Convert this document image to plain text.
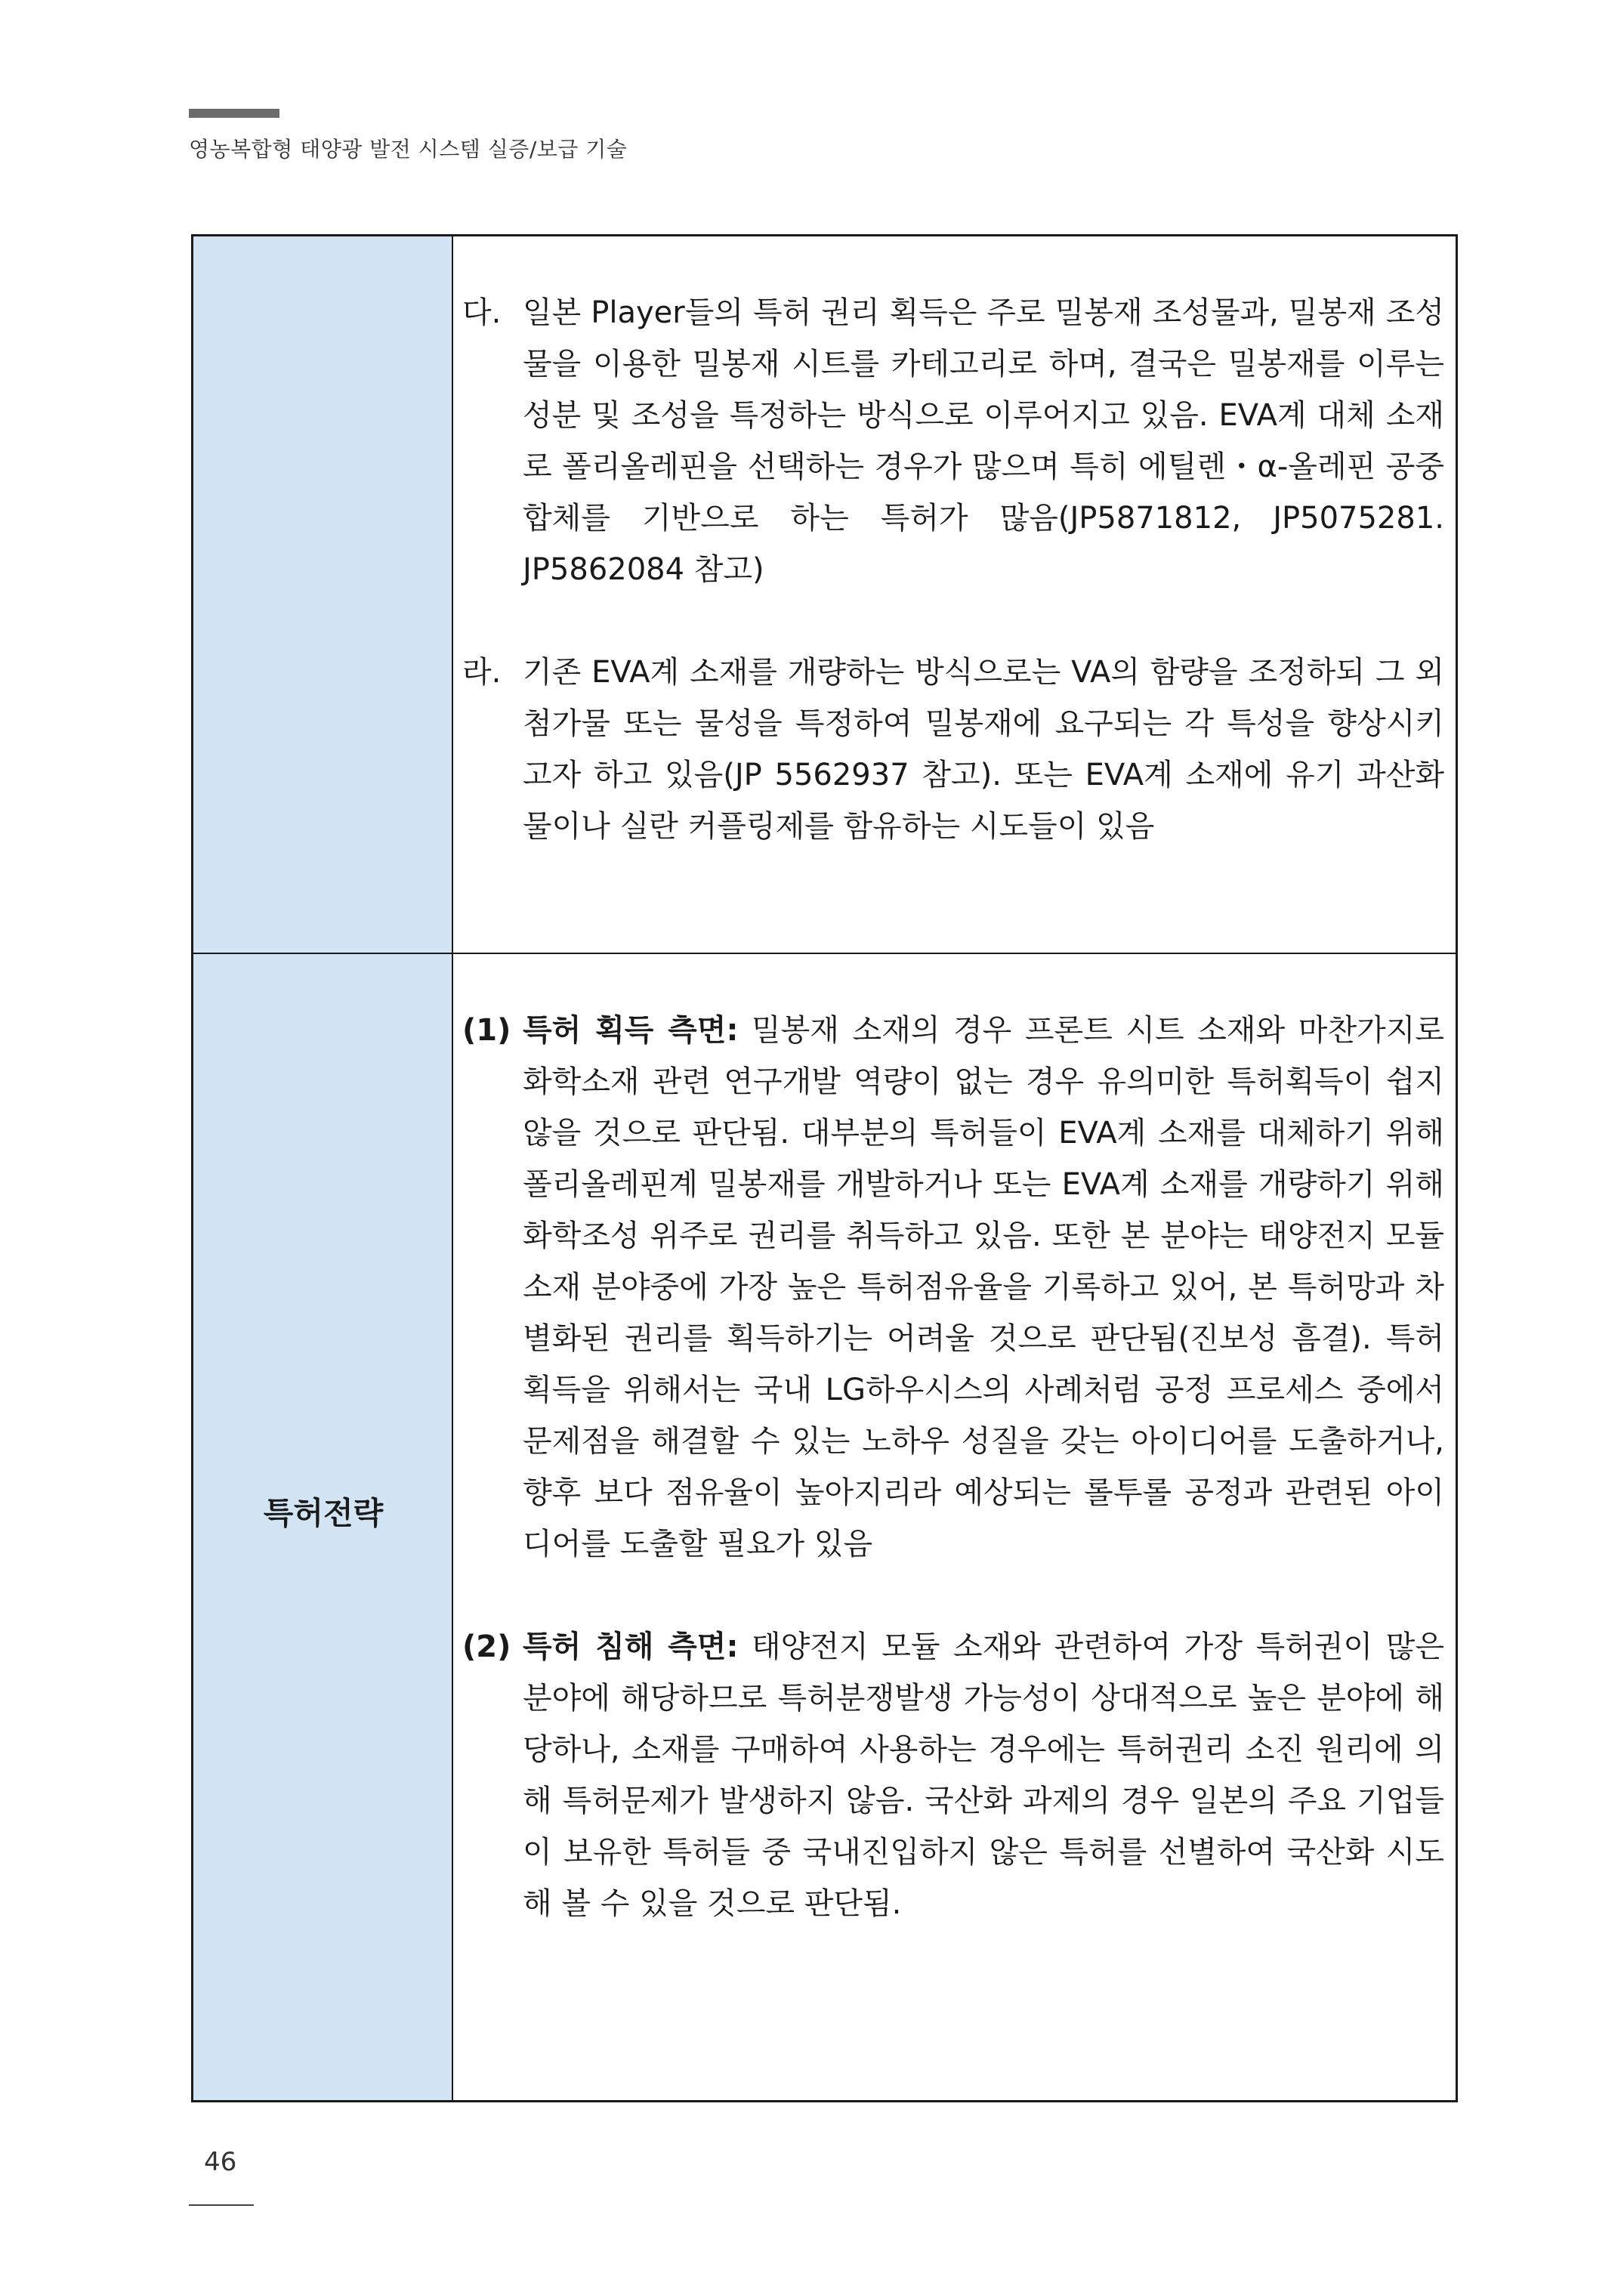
영농복합형 태양광 발전 시스템 실증/보급 기술
특허전략

다. 일본 Player들의 특허 권리 획득은 주로 밀봉재 조성물과, 밀봉재 조성물을 이용한 밀봉재 시트를 카테고리로 하며, 결국은 밀봉재를 이루는 성분 및 조성을 특정하는 방식으로 이루어지고 있음. EVA계 대체 소재로 폴리올레핀을 선택하는 경우가 많으며 특히 에틸렌・α-올레핀 공중합체를 기반으로 하는 특허가 많음(JP5871812, JP5075281. JP5862084 참고)

라. 기존 EVA계 소재를 개량하는 방식으로는 VA의 함량을 조정하되 그 외 첨가물 또는 물성을 특정하여 밀봉재에 요구되는 각 특성을 향상시키고자 하고 있음(JP 5562937 참고). 또는 EVA계 소재에 유기 과산화물이나 실란 커플링제를 함유하는 시도들이 있음

(1) 특허 획득 측면: 밀봉재 소재의 경우 프론트 시트 소재와 마찬가지로 화학소재 관련 연구개발 역량이 없는 경우 유의미한 특허획득이 쉽지 않을 것으로 판단됨. 대부분의 특허들이 EVA계 소재를 대체하기 위해 폴리올레핀계 밀봉재를 개발하거나 또는 EVA계 소재를 개량하기 위해 화학조성 위주로 권리를 취득하고 있음. 또한 본 분야는 태양전지 모듈 소재 분야중에 가장 높은 특허점유율을 기록하고 있어, 본 특허망과 차별화된 권리를 획득하기는 어려울 것으로 판단됨(진보성 흠결). 특허 획득을 위해서는 국내 LG하우시스의 사례처럼 공정 프로세스 중에서 문제점을 해결할 수 있는 노하우 성질을 갖는 아이디어를 도출하거나, 향후 보다 점유율이 높아지리라 예상되는 롤투롤 공정과 관련된 아이디어를 도출할 필요가 있음

(2) 특허 침해 측면: 태양전지 모듈 소재와 관련하여 가장 특허권이 많은 분야에 해당하므로 특허분쟁발생 가능성이 상대적으로 높은 분야에 해당하나, 소재를 구매하여 사용하는 경우에는 특허권리 소진 원리에 의해 특허문제가 발생하지 않음. 국산화 과제의 경우 일본의 주요 기업들이 보유한 특허들 중 국내진입하지 않은 특허를 선별하여 국산화 시도해 볼 수 있을 것으로 판단됨.

46
